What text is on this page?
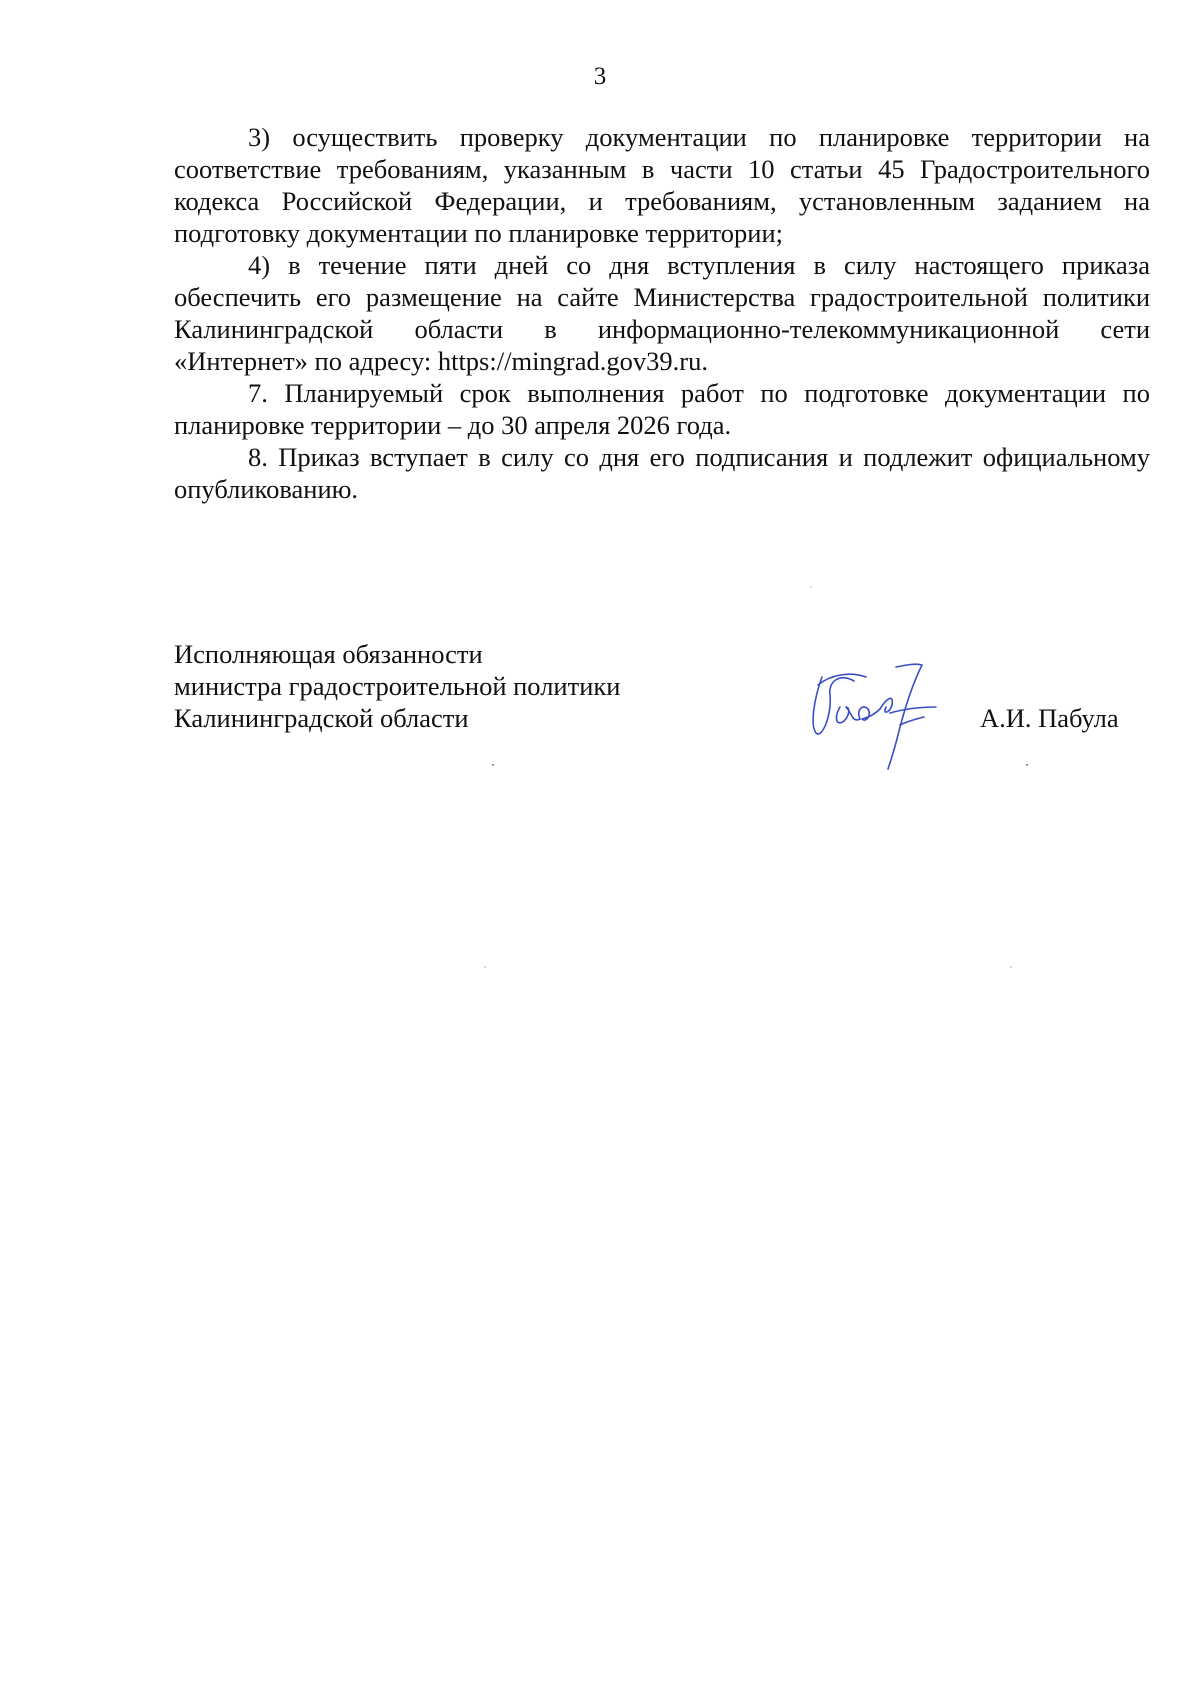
3

3) осуществить проверку документации по планировке территории на соответствие требованиям, указанным в части 10 статьи 45 Градостроительного кодекса Российской Федерации, и требованиям, установленным заданием на подготовку документации по планировке территории;

4) в течение пяти дней со дня вступления в силу настоящего приказа обеспечить его размещение на сайте Министерства градостроительной политики Калининградской области в информационно-телекоммуникационной сети «Интернет» по адресу: https://mingrad.gov39.ru.

7. Планируемый срок выполнения работ по подготовке документации по планировке территории – до 30 апреля 2026 года.

8. Приказ вступает в силу со дня его подписания и подлежит официальному опубликованию.

Исполняющая обязанности
министра градостроительной политики
Калининградской области	А.И. Пабула
